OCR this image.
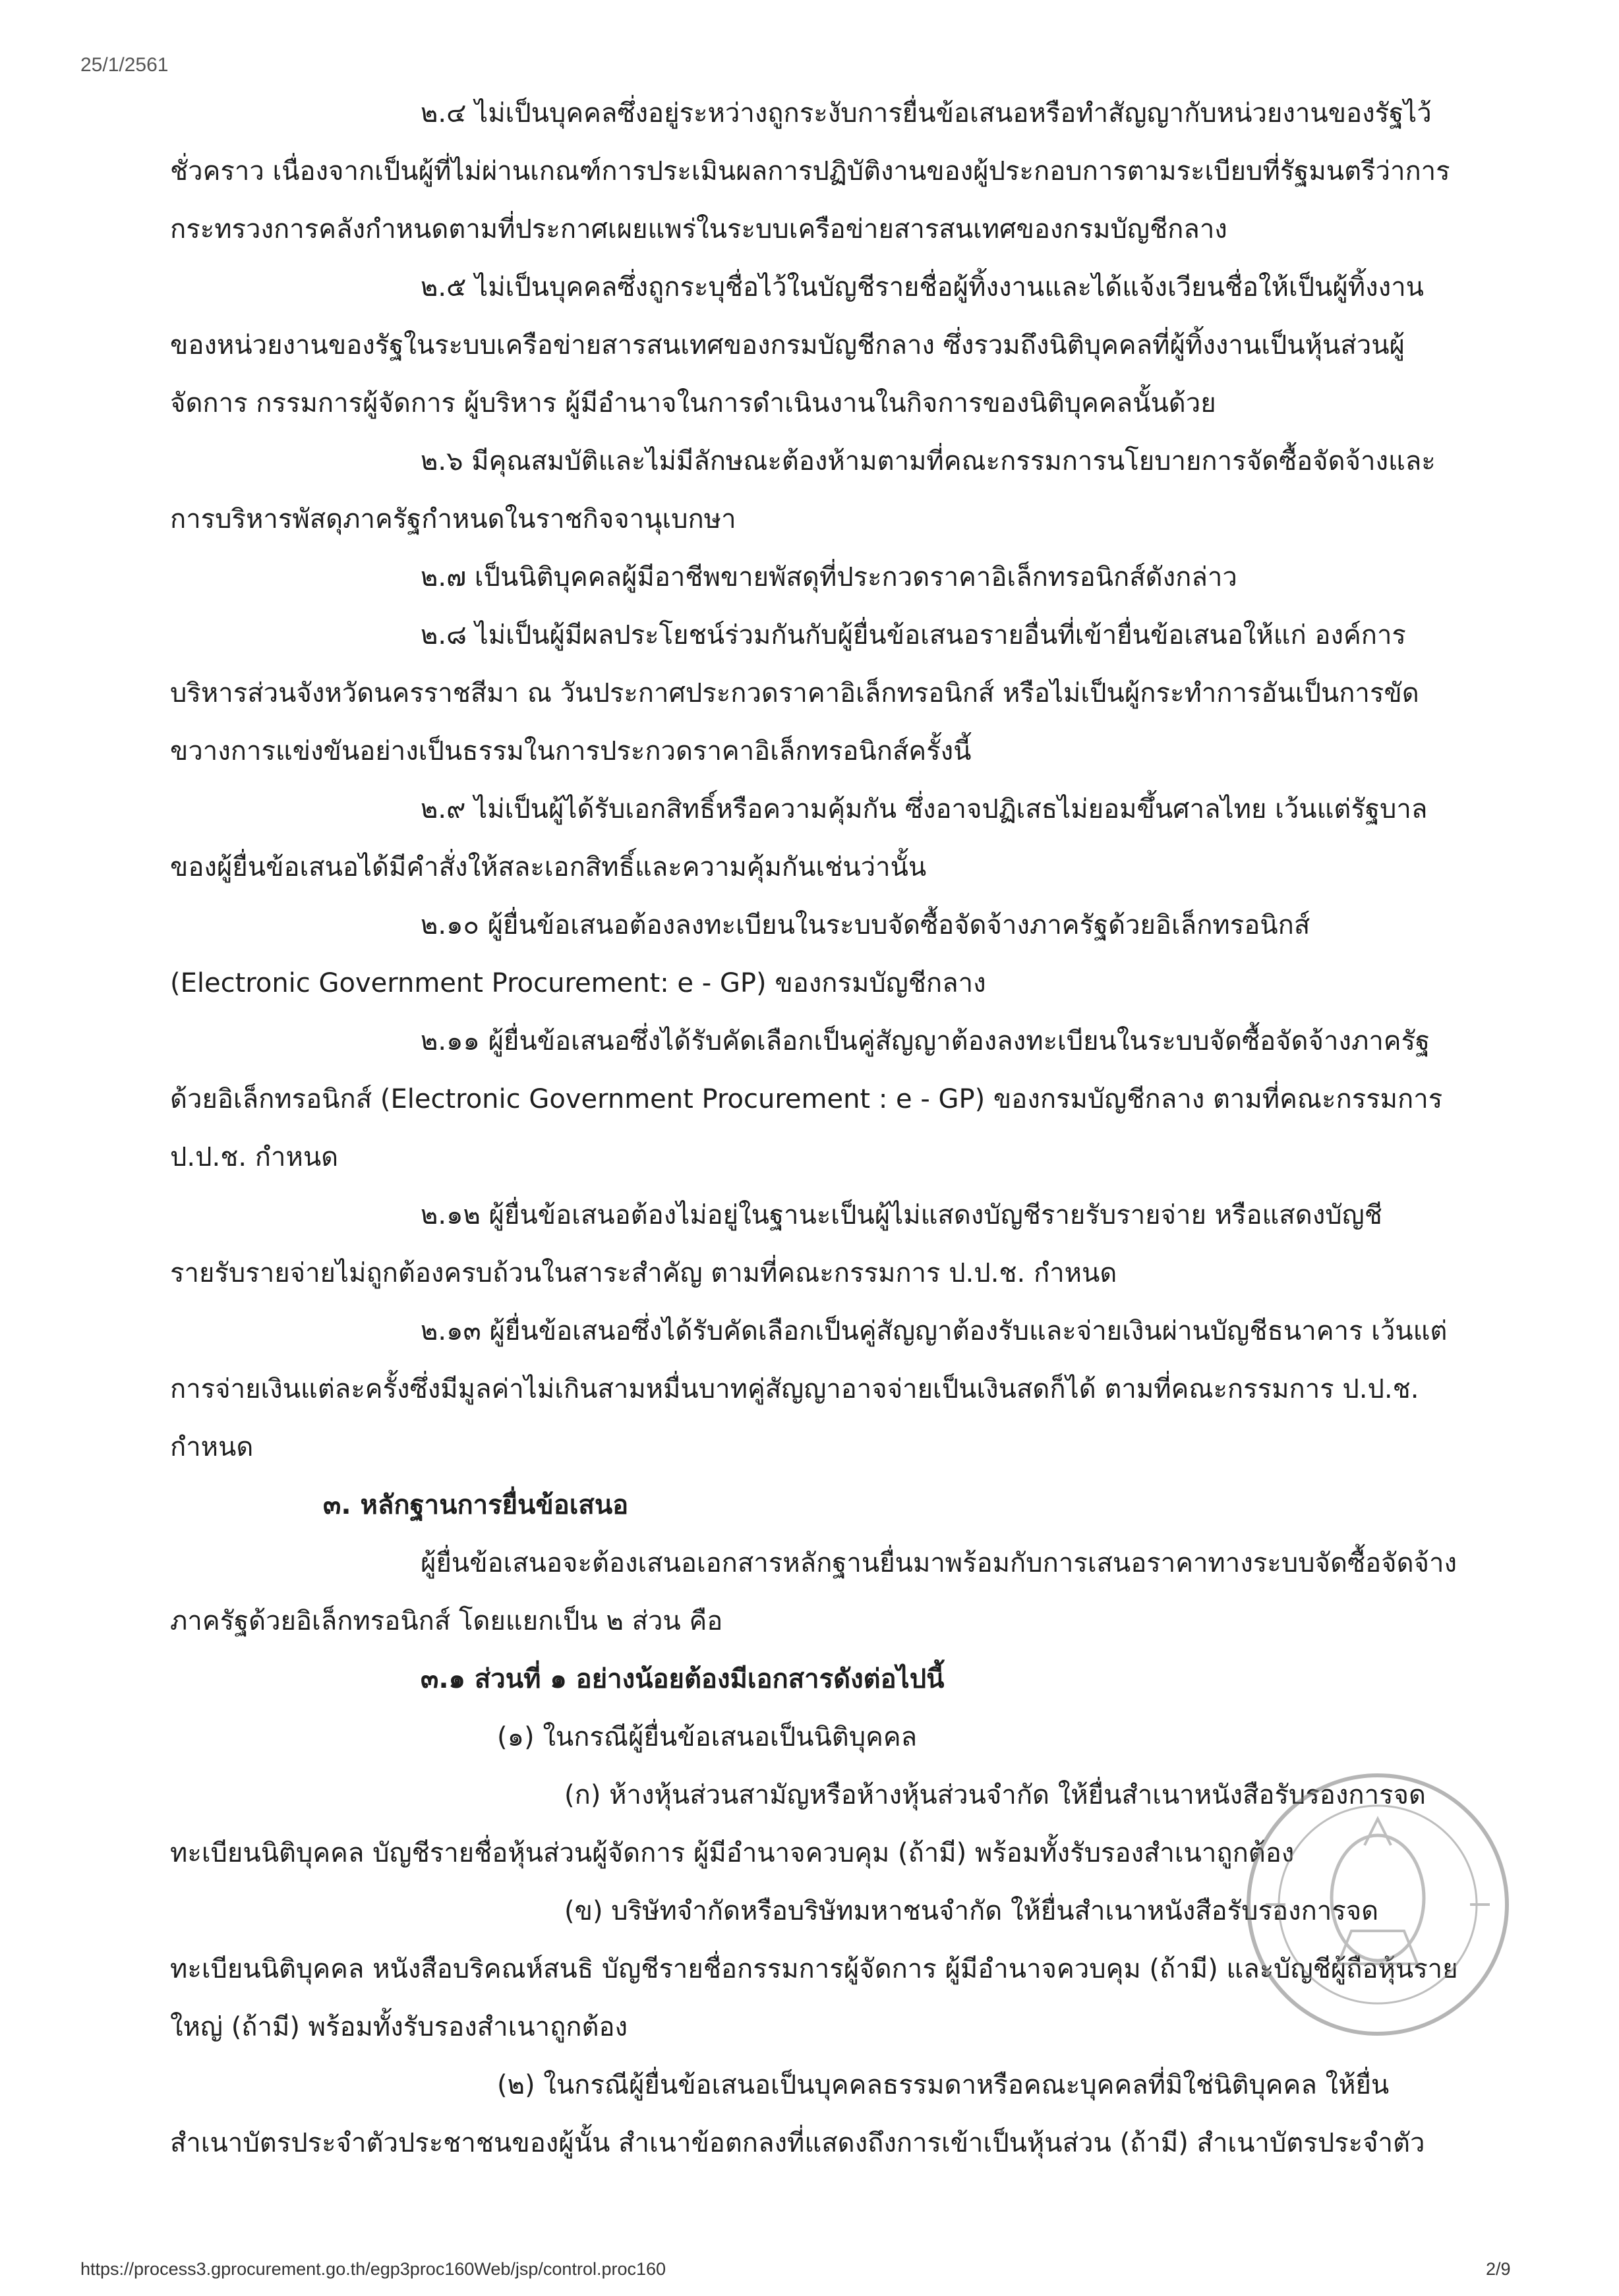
25/1/2561
๒.๔ ไม่เป็นบุคคลซึ่งอยู่ระหว่างถูกระงับการยื่นข้อเสนอหรือทำสัญญากับหน่วยงานของรัฐไว้
ชั่วคราว เนื่องจากเป็นผู้ที่ไม่ผ่านเกณฑ์การประเมินผลการปฏิบัติงานของผู้ประกอบการตามระเบียบที่รัฐมนตรีว่าการ
กระทรวงการคลังกำหนดตามที่ประกาศเผยแพร่ในระบบเครือข่ายสารสนเทศของกรมบัญชีกลาง
๒.๕ ไม่เป็นบุคคลซึ่งถูกระบุชื่อไว้ในบัญชีรายชื่อผู้ทิ้งงานและได้แจ้งเวียนชื่อให้เป็นผู้ทิ้งงาน
ของหน่วยงานของรัฐในระบบเครือข่ายสารสนเทศของกรมบัญชีกลาง ซึ่งรวมถึงนิติบุคคลที่ผู้ทิ้งงานเป็นหุ้นส่วนผู้
จัดการ กรรมการผู้จัดการ ผู้บริหาร ผู้มีอำนาจในการดำเนินงานในกิจการของนิติบุคคลนั้นด้วย
๒.๖ มีคุณสมบัติและไม่มีลักษณะต้องห้ามตามที่คณะกรรมการนโยบายการจัดซื้อจัดจ้างและ
การบริหารพัสดุภาครัฐกำหนดในราชกิจจานุเบกษา
๒.๗ เป็นนิติบุคคลผู้มีอาชีพขายพัสดุที่ประกวดราคาอิเล็กทรอนิกส์ดังกล่าว
๒.๘ ไม่เป็นผู้มีผลประโยชน์ร่วมกันกับผู้ยื่นข้อเสนอรายอื่นที่เข้ายื่นข้อเสนอให้แก่ องค์การ
บริหารส่วนจังหวัดนครราชสีมา ณ วันประกาศประกวดราคาอิเล็กทรอนิกส์ หรือไม่เป็นผู้กระทำการอันเป็นการขัด
ขวางการแข่งขันอย่างเป็นธรรมในการประกวดราคาอิเล็กทรอนิกส์ครั้งนี้
๒.๙ ไม่เป็นผู้ได้รับเอกสิทธิ์หรือความคุ้มกัน ซึ่งอาจปฏิเสธไม่ยอมขึ้นศาลไทย เว้นแต่รัฐบาล
ของผู้ยื่นข้อเสนอได้มีคำสั่งให้สละเอกสิทธิ์และความคุ้มกันเช่นว่านั้น
๒.๑๐ ผู้ยื่นข้อเสนอต้องลงทะเบียนในระบบจัดซื้อจัดจ้างภาครัฐด้วยอิเล็กทรอนิกส์
(Electronic Government Procurement: e - GP) ของกรมบัญชีกลาง
๒.๑๑ ผู้ยื่นข้อเสนอซึ่งได้รับคัดเลือกเป็นคู่สัญญาต้องลงทะเบียนในระบบจัดซื้อจัดจ้างภาครัฐ
ด้วยอิเล็กทรอนิกส์ (Electronic Government Procurement : e - GP) ของกรมบัญชีกลาง ตามที่คณะกรรมการ
ป.ป.ช. กำหนด
๒.๑๒ ผู้ยื่นข้อเสนอต้องไม่อยู่ในฐานะเป็นผู้ไม่แสดงบัญชีรายรับรายจ่าย หรือแสดงบัญชี
รายรับรายจ่ายไม่ถูกต้องครบถ้วนในสาระสำคัญ ตามที่คณะกรรมการ ป.ป.ช. กำหนด
๒.๑๓ ผู้ยื่นข้อเสนอซึ่งได้รับคัดเลือกเป็นคู่สัญญาต้องรับและจ่ายเงินผ่านบัญชีธนาคาร เว้นแต่
การจ่ายเงินแต่ละครั้งซึ่งมีมูลค่าไม่เกินสามหมื่นบาทคู่สัญญาอาจจ่ายเป็นเงินสดก็ได้ ตามที่คณะกรรมการ ป.ป.ช.
กำหนด
๓. หลักฐานการยื่นข้อเสนอ
ผู้ยื่นข้อเสนอจะต้องเสนอเอกสารหลักฐานยื่นมาพร้อมกับการเสนอราคาทางระบบจัดซื้อจัดจ้าง
ภาครัฐด้วยอิเล็กทรอนิกส์ โดยแยกเป็น ๒ ส่วน คือ
๓.๑ ส่วนที่ ๑ อย่างน้อยต้องมีเอกสารดังต่อไปนี้
(๑) ในกรณีผู้ยื่นข้อเสนอเป็นนิติบุคคล
(ก) ห้างหุ้นส่วนสามัญหรือห้างหุ้นส่วนจำกัด ให้ยื่นสำเนาหนังสือรับรองการจด
ทะเบียนนิติบุคคล บัญชีรายชื่อหุ้นส่วนผู้จัดการ ผู้มีอำนาจควบคุม (ถ้ามี) พร้อมทั้งรับรองสำเนาถูกต้อง
(ข) บริษัทจำกัดหรือบริษัทมหาชนจำกัด ให้ยื่นสำเนาหนังสือรับรองการจด
ทะเบียนนิติบุคคล หนังสือบริคณห์สนธิ บัญชีรายชื่อกรรมการผู้จัดการ ผู้มีอำนาจควบคุม (ถ้ามี) และบัญชีผู้ถือหุ้นราย
ใหญ่ (ถ้ามี) พร้อมทั้งรับรองสำเนาถูกต้อง
(๒) ในกรณีผู้ยื่นข้อเสนอเป็นบุคคลธรรมดาหรือคณะบุคคลที่มิใช่นิติบุคคล ให้ยื่น
สำเนาบัตรประจำตัวประชาชนของผู้นั้น สำเนาข้อตกลงที่แสดงถึงการเข้าเป็นหุ้นส่วน (ถ้ามี) สำเนาบัตรประจำตัว
https://process3.gprocurement.go.th/egp3proc160Web/jsp/control.proc160	2/9
